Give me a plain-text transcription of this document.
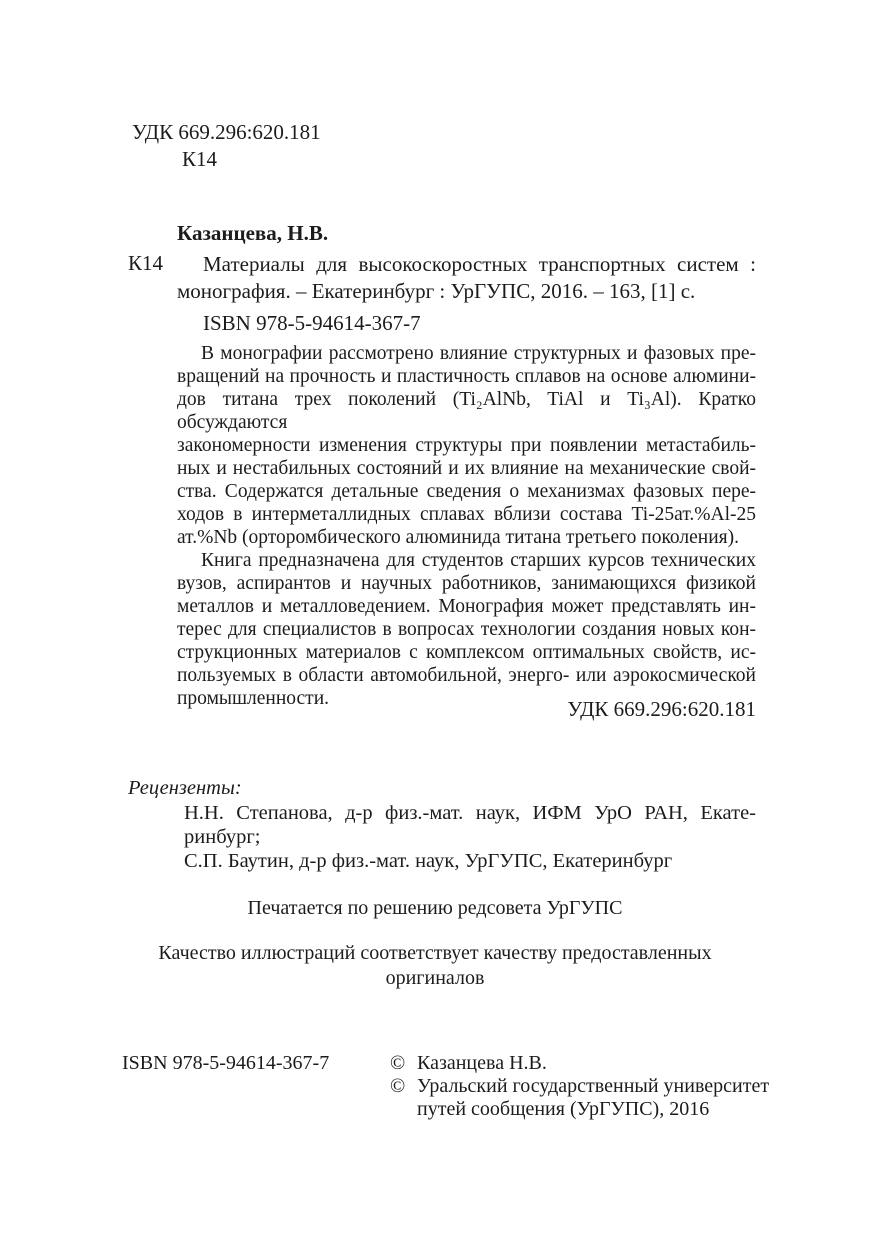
УДК 669.296:620.181
К14
Казанцева, Н.В.
К14	Материалы для высокоскоростных транспортных систем :
монография. – Екатеринбург : УрГУПС, 2016. – 163, [1] с.
ISBN 978-5-94614-367-7
В монографии рассмотрено влияние структурных и фазовых пре-
вращений на прочность и пластичность сплавов на основе алюмини-
дов титана трех поколений (Ti₂AlNb, TiAl и Ti₃Al). Кратко обсуждаются
закономерности изменения структуры при появлении метастабиль-
ных и нестабильных состояний и их влияние на механические свой-
ства. Содержатся детальные сведения о механизмах фазовых пере-
ходов в интерметаллидных сплавах вблизи состава Ti-25ат.%Al-25
ат.%Nb (орторомбического алюминида титана третьего поколения).
Книга предназначена для студентов старших курсов технических
вузов, аспирантов и научных работников, занимающихся физикой
металлов и металловедением. Монография может представлять ин-
терес для специалистов в вопросах технологии создания новых кон-
струкционных материалов с комплексом оптимальных свойств, ис-
пользуемых в области автомобильной, энерго- или аэрокосмической
промышленности.	УДК 669.296:620.181
Рецензенты:
Н.Н. Степанова, д-р физ.-мат. наук, ИФМ УрО РАН, Екате-
ринбург;
С.П. Баутин, д-р физ.-мат. наук, УрГУПС, Екатеринбург
Печатается по решению редсовета УрГУПС
Качество иллюстраций соответствует качеству предоставленных
оригиналов
ISBN 978-5-94614-367-7	© Казанцева Н.В.
© Уральский государственный университет
путей сообщения (УрГУПС), 2016
